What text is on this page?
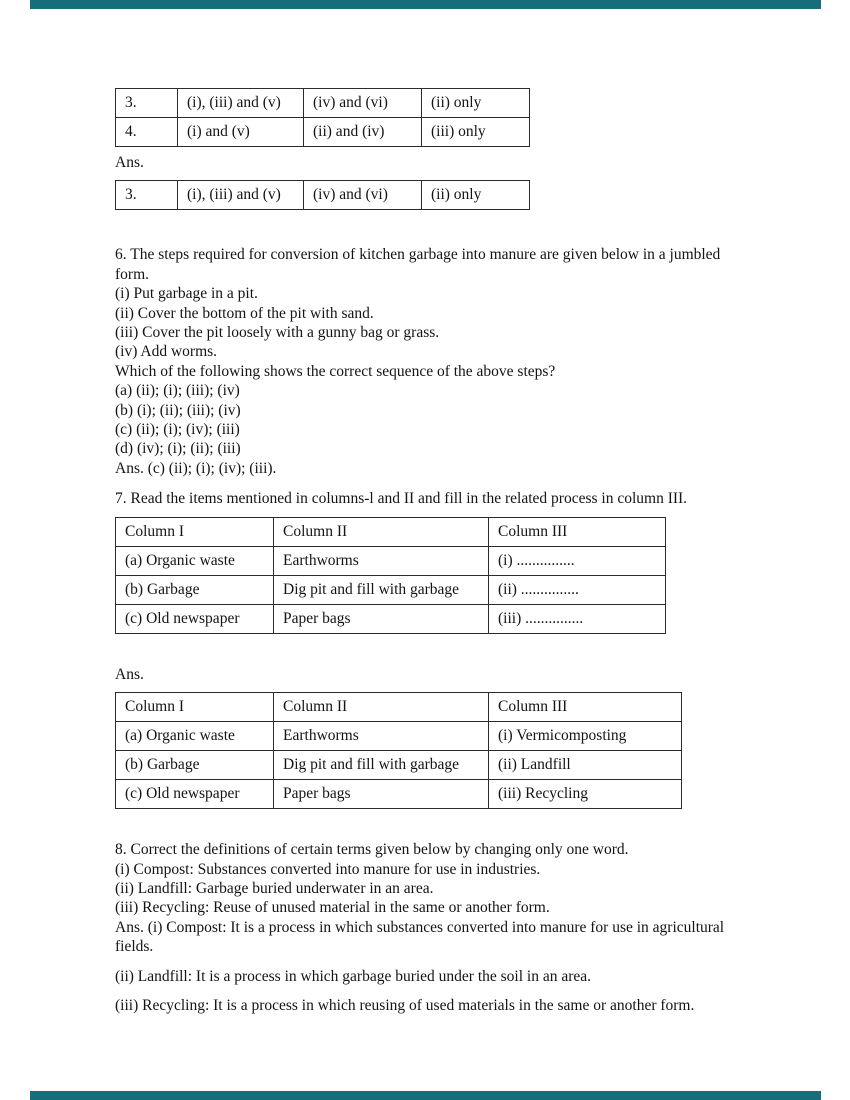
3.	(i), (iii) and (v)	(iv) and (vi)	(ii) only
4.	(i) and (v)	(ii) and (iv)	(iii) only

Ans.

3.	(i), (iii) and (v)	(iv) and (vi)	(ii) only

6. The steps required for conversion of kitchen garbage into manure are given below in a jumbled form.

(i) Put garbage in a pit.

(ii) Cover the bottom of the pit with sand.

(iii) Cover the pit loosely with a gunny bag or grass.

(iv) Add worms.

Which of the following shows the correct sequence of the above steps?

(a) (ii); (i); (iii); (iv)

(b) (i); (ii); (iii); (iv)

(c) (ii); (i); (iv); (iii)

(d) (iv); (i); (ii); (iii)

Ans. (c) (ii); (i); (iv); (iii).

7. Read the items mentioned in columns-l and II and fill in the related process in column III.

Column I	Column II	Column III
(a) Organic waste	Earthworms	(i) ...............
(b) Garbage	Dig pit and fill with garbage	(ii) ...............
(c) Old newspaper	Paper bags	(iii) ...............

Ans.

Column I	Column II	Column III
(a) Organic waste	Earthworms	(i) Vermicomposting
(b) Garbage	Dig pit and fill with garbage	(ii) Landfill
(c) Old newspaper	Paper bags	(iii) Recycling

8. Correct the definitions of certain terms given below by changing only one word.

(i) Compost: Substances converted into manure for use in industries.

(ii) Landfill: Garbage buried underwater in an area.

(iii) Recycling: Reuse of unused material in the same or another form.

Ans. (i) Compost: It is a process in which substances converted into manure for use in agricultural fields.

(ii) Landfill: It is a process in which garbage buried under the soil in an area.

(iii) Recycling: It is a process in which reusing of used materials in the same or another form.
